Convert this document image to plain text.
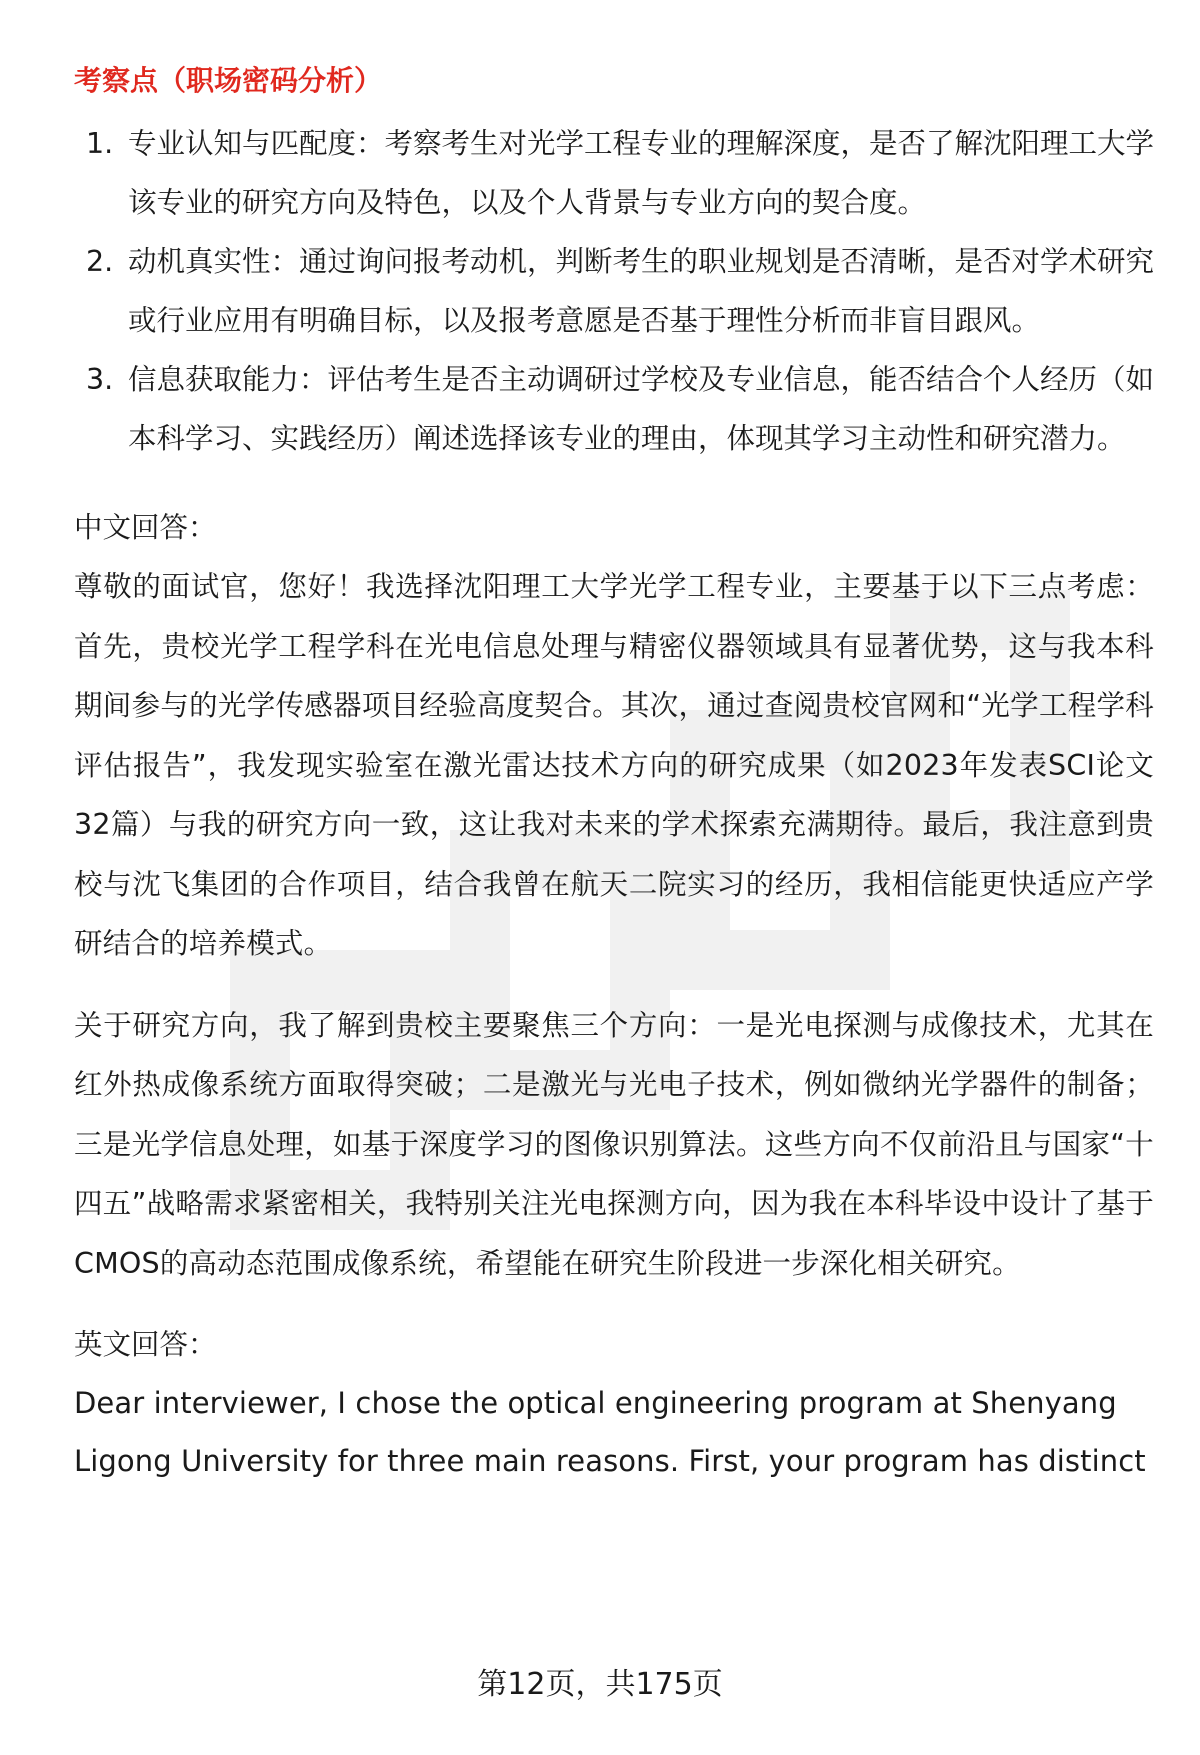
考察点（职场密码分析）
1. 专业认知与匹配度：考察考生对光学工程专业的理解深度，是否了解沈阳理工大学该专业的研究方向及特色，以及个人背景与专业方向的契合度。
2. 动机真实性：通过询问报考动机，判断考生的职业规划是否清晰，是否对学术研究或行业应用有明确目标，以及报考意愿是否基于理性分析而非盲目跟风。
3. 信息获取能力：评估考生是否主动调研过学校及专业信息，能否结合个人经历（如本科学习、实践经历）阐述选择该专业的理由，体现其学习主动性和研究潜力。
中文回答：

尊敬的面试官，您好！我选择沈阳理工大学光学工程专业，主要基于以下三点考虑：首先，贵校光学工程学科在光电信息处理与精密仪器领域具有显著优势，这与我本科期间参与的光学传感器项目经验高度契合。其次，通过查阅贵校官网和“光学工程学科评估报告”，我发现实验室在激光雷达技术方向的研究成果（如2023年发表SCI论文32篇）与我的研究方向一致，这让我对未来的学术探索充满期待。最后，我注意到贵校与沈飞集团的合作项目，结合我曾在航天二院实习的经历，我相信能更快适应产学研结合的培养模式。

关于研究方向，我了解到贵校主要聚焦三个方向：一是光电探测与成像技术，尤其在红外热成像系统方面取得突破；二是激光与光电子技术，例如微纳光学器件的制备；三是光学信息处理，如基于深度学习的图像识别算法。这些方向不仅前沿且与国家“十四五”战略需求紧密相关，我特别关注光电探测方向，因为我在本科毕设中设计了基于CMOS的高动态范围成像系统，希望能在研究生阶段进一步深化相关研究。

英文回答：

Dear interviewer, I chose the optical engineering program at Shenyang Ligong University for three main reasons. First, your program has distinct

第12页，共175页
